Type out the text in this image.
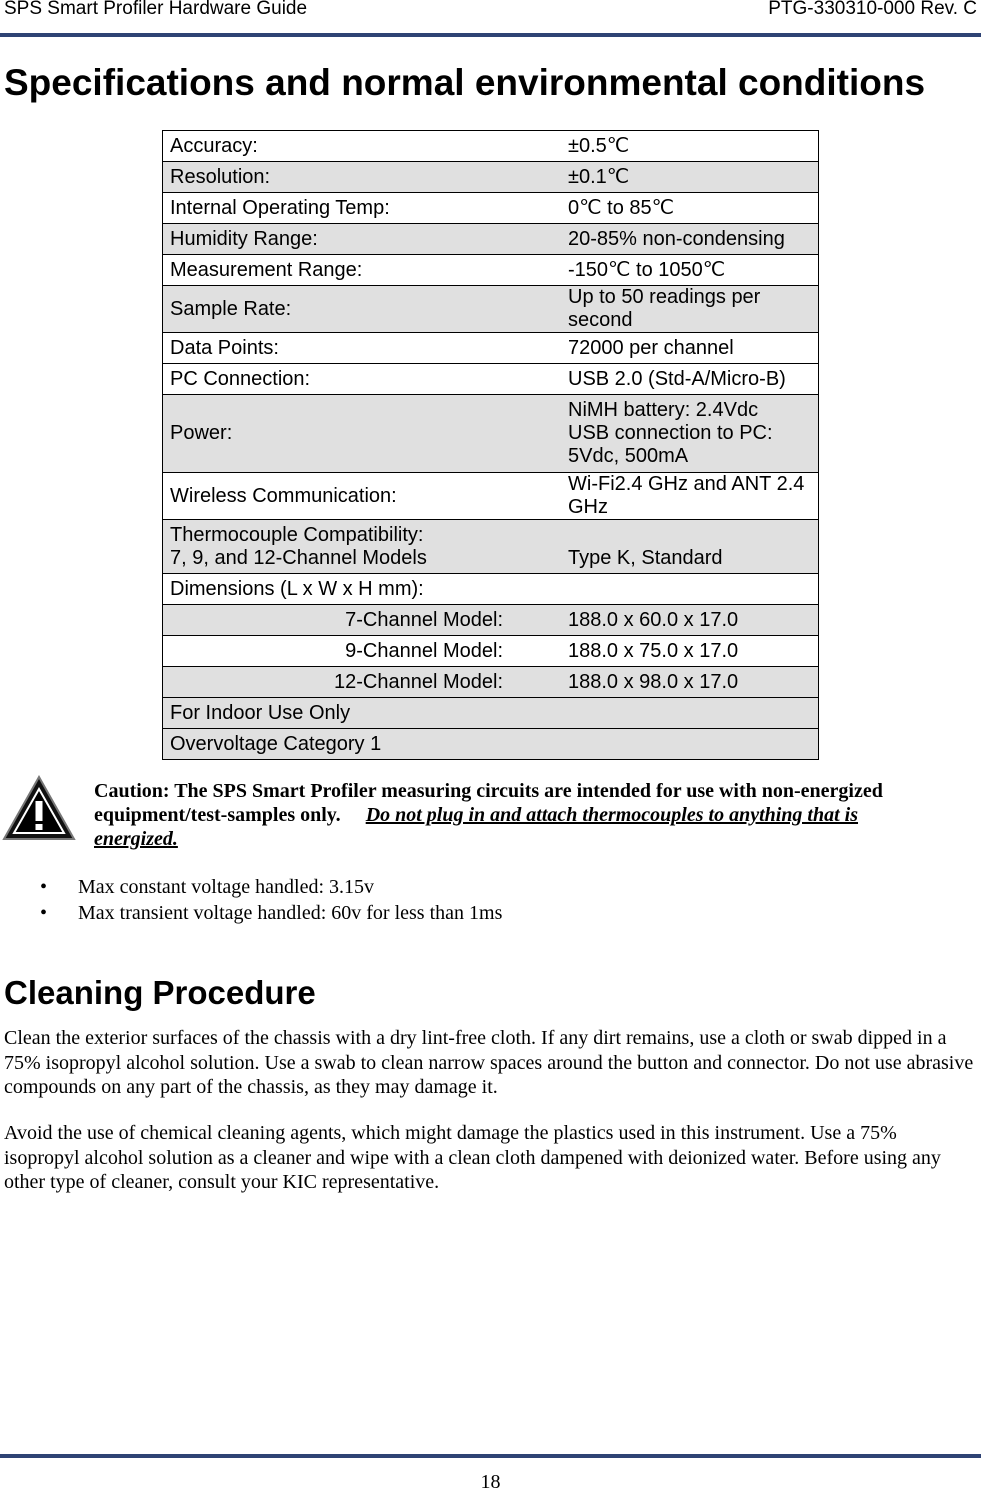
SPS Smart Profiler Hardware Guide	PTG-330310-000 Rev. C
Specifications and normal environmental conditions
Accuracy:	±0.5℃
Resolution:	±0.1℃
Internal Operating Temp:	0℃ to 85℃
Humidity Range:	20-85% non-condensing
Measurement Range:	-150℃ to 1050℃
Sample Rate:	Up to 50 readings per second
Data Points:	72000 per channel
PC Connection:	USB 2.0 (Std-A/Micro-B)
Power:	NiMH battery: 2.4Vdc
USB connection to PC:
5Vdc, 500mA

Wireless Communication:	Wi-Fi2.4 GHz and ANT 2.4 GHz

Thermocouple Compatibility:
7, 9, and 12-Channel Models	Type K, Standard
Dimensions (L x W x H mm):	
7-Channel Model:	188.0 x 60.0 x 17.0
9-Channel Model:	188.0 x 75.0 x 17.0
12-Channel Model:	188.0 x 98.0 x 17.0
For Indoor Use Only	
Overvoltage Category 1	
Caution: The SPS Smart Profiler measuring circuits are intended for use with non-energized equipment/test-samples only. Do not plug in and attach thermocouples to anything that is energized.
• Max constant voltage handled: 3.15v
• Max transient voltage handled: 60v for less than 1ms
Cleaning Procedure

Clean the exterior surfaces of the chassis with a dry lint-free cloth. If any dirt remains, use a cloth or swab dipped in a 75% isopropyl alcohol solution. Use a swab to clean narrow spaces around the button and connector. Do not use abrasive compounds on any part of the chassis, as they may damage it.

Avoid the use of chemical cleaning agents, which might damage the plastics used in this instrument. Use a 75% isopropyl alcohol solution as a cleaner and wipe with a clean cloth dampened with deionized water. Before using any other type of cleaner, consult your KIC representative.

18
